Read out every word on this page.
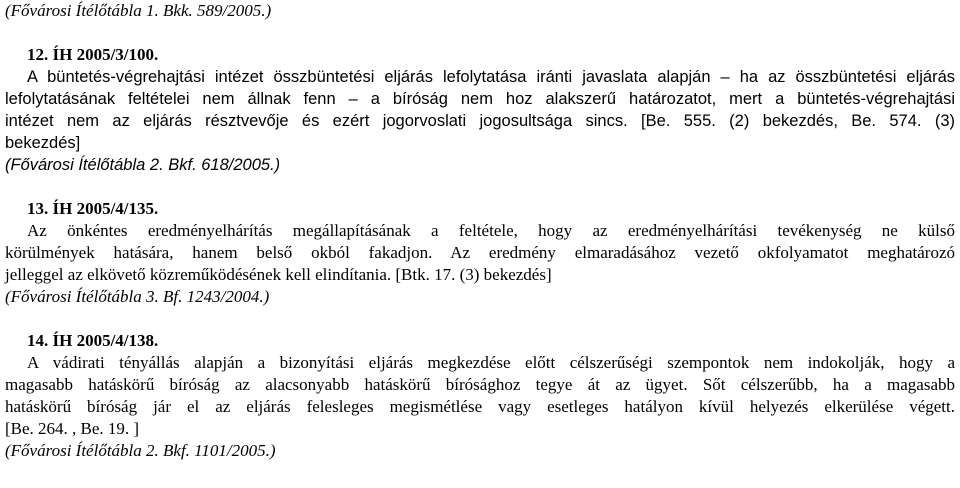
(Fővárosi Ítélőtábla 1. Bkk. 589/2005.)

12. ÍH 2005/3/100.

A büntetés-végrehajtási intézet összbüntetési eljárás lefolytatása iránti javaslata alapján – ha az összbüntetési eljárás
lefolytatásának feltételei nem állnak fenn – a bíróság nem hoz alakszerű határozatot, mert a büntetés-végrehajtási
intézet nem az eljárás résztvevője és ezért jogorvoslati jogosultsága sincs. [Be. 555. (2) bekezdés, Be. 574. (3)
bekezdés]

(Fővárosi Ítélőtábla 2. Bkf. 618/2005.)

13. ÍH 2005/4/135.

Az önkéntes eredményelhárítás megállapításának a feltétele, hogy az eredményelhárítási tevékenység ne külső
körülmények hatására, hanem belső okból fakadjon. Az eredmény elmaradásához vezető okfolyamatot meghatározó
jelleggel az elkövető közreműködésének kell elindítania. [Btk. 17. (3) bekezdés]

(Fővárosi Ítélőtábla 3. Bf. 1243/2004.)

14. ÍH 2005/4/138.

A vádirati tényállás alapján a bizonyítási eljárás megkezdése előtt célszerűségi szempontok nem indokolják, hogy a
magasabb hatáskörű bíróság az alacsonyabb hatáskörű bírósághoz tegye át az ügyet. Sőt célszerűbb, ha a magasabb
hatáskörű bíróság jár el az eljárás felesleges megismétlése vagy esetleges hatályon kívül helyezés elkerülése végett.
[Be. 264. , Be. 19. ]

(Fővárosi Ítélőtábla 2. Bkf. 1101/2005.)
